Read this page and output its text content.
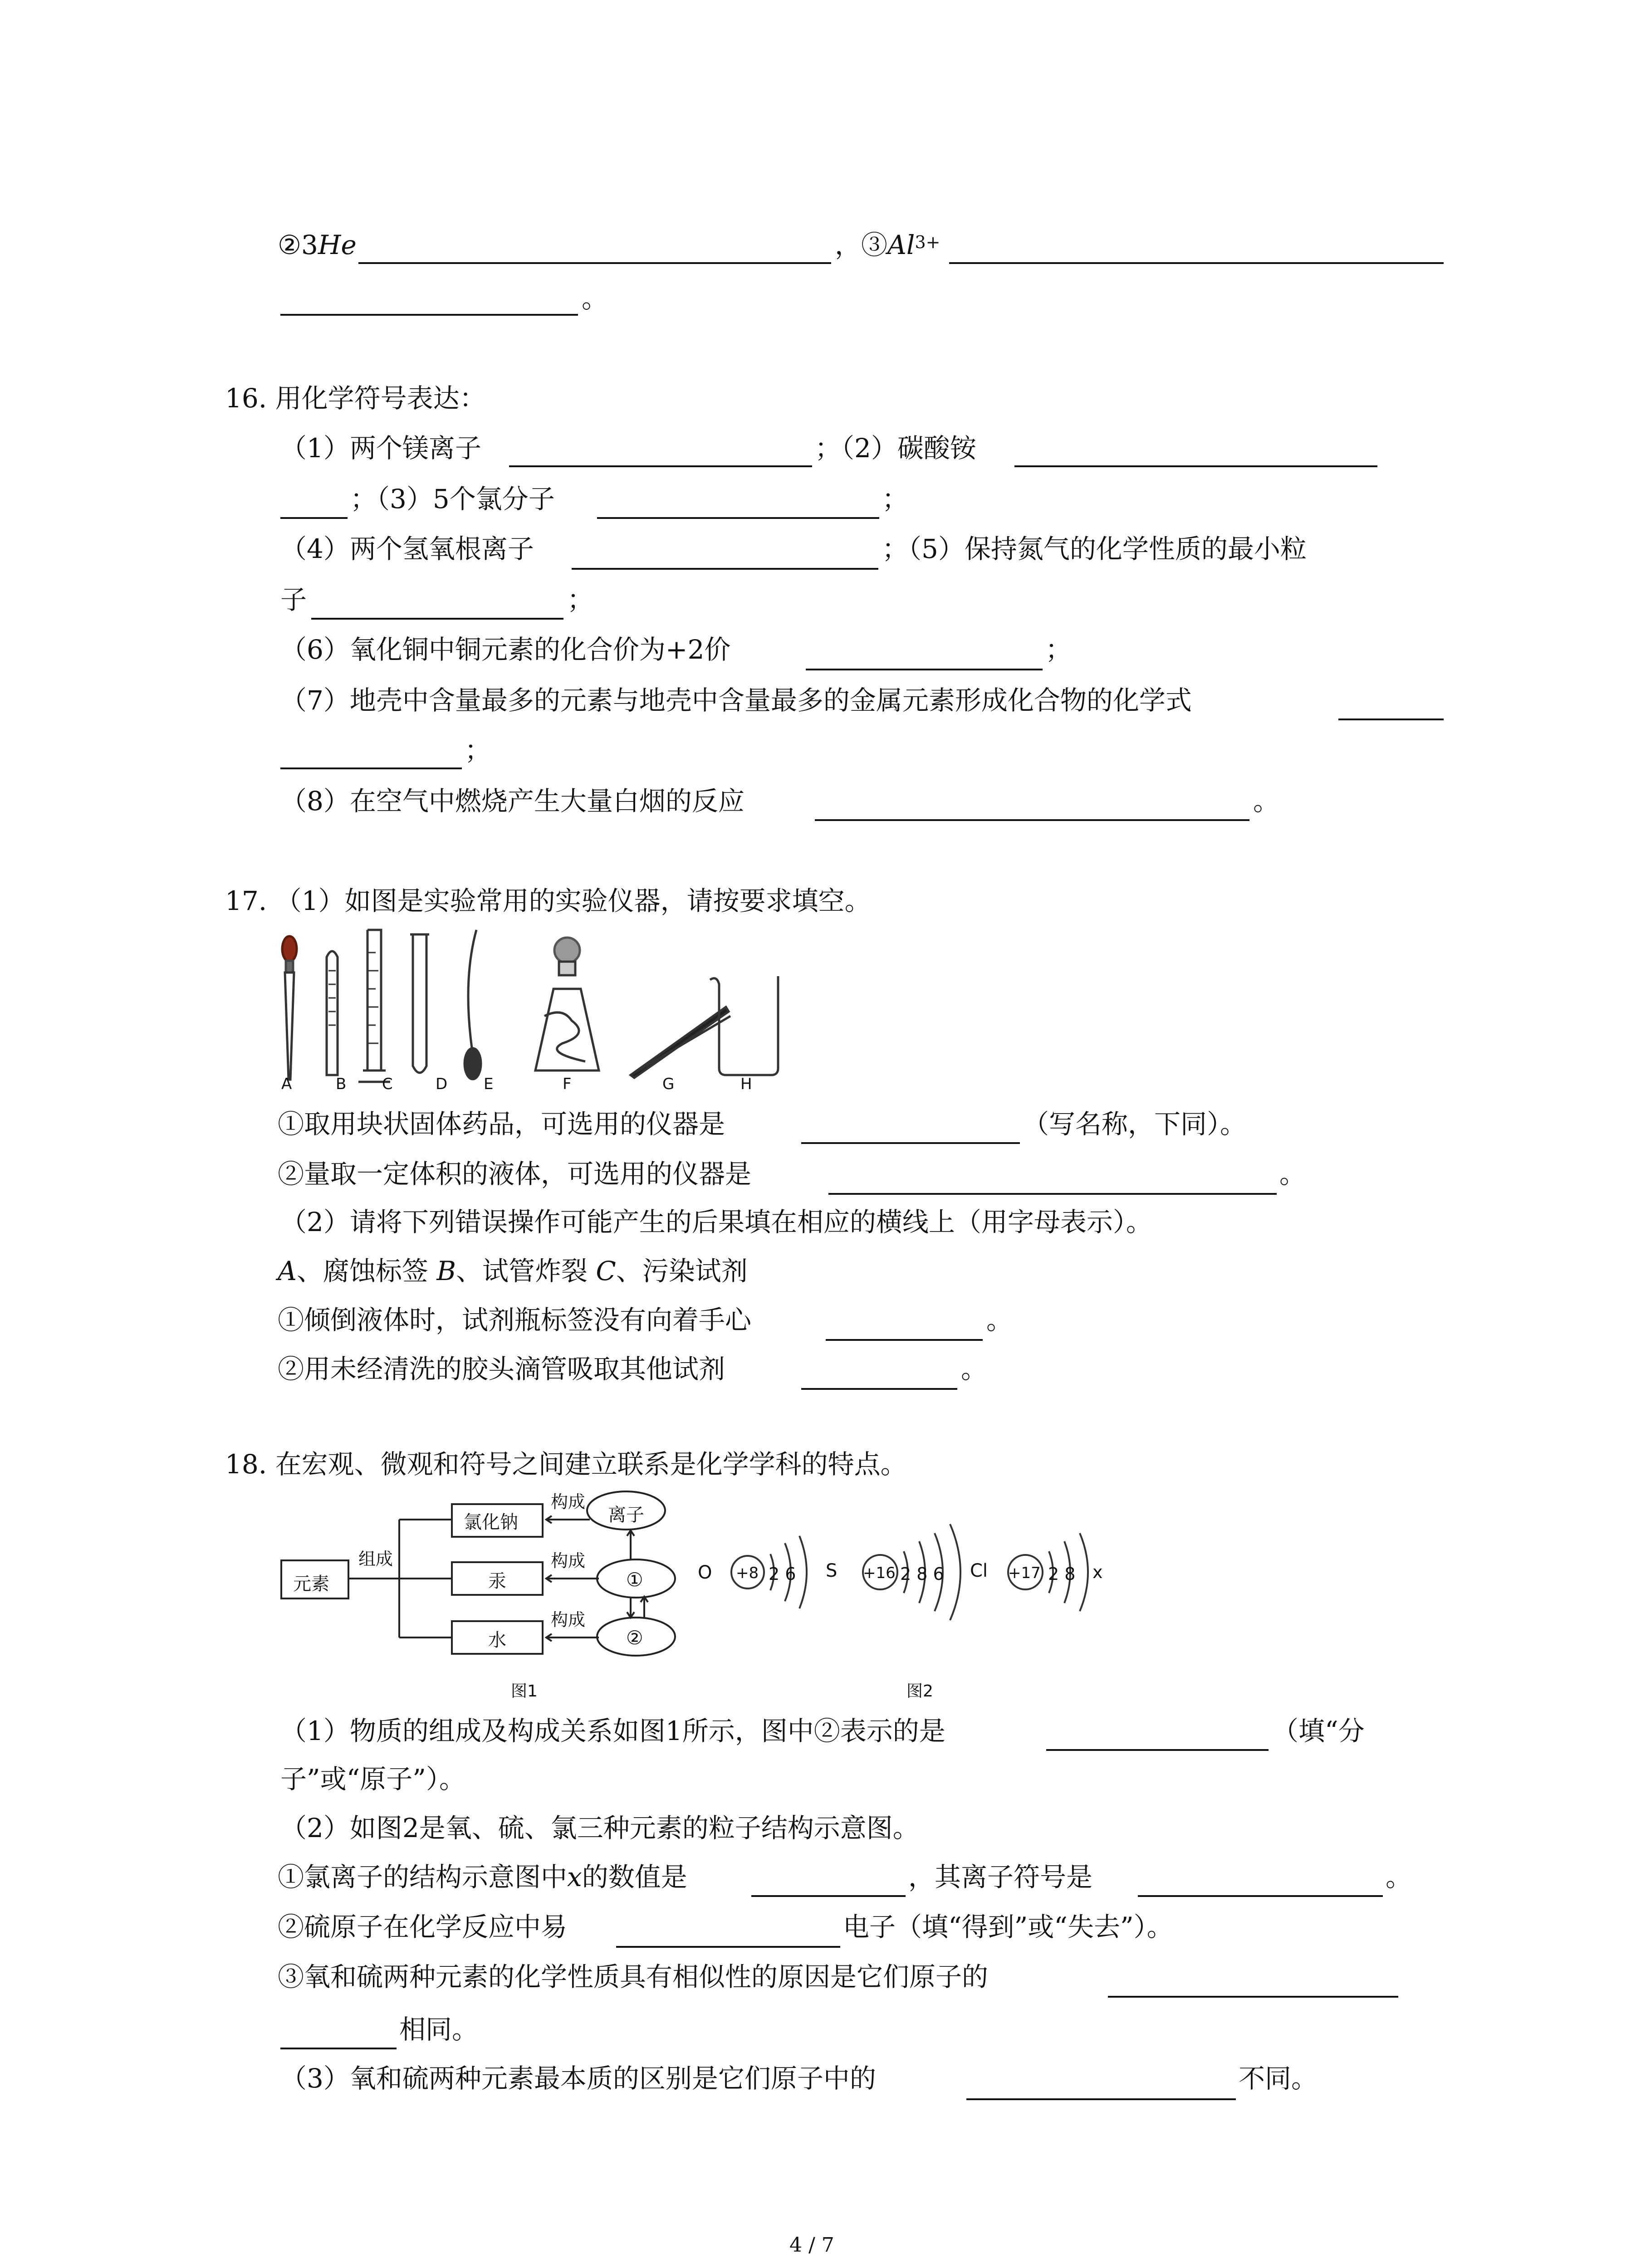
②3He	，$③Al^{3+}$
。
16. 用化学符号表达：
（1）两个镁离子	；（2）碳酸铵
；（3）5个氯分子	；
（4）两个氢氧根离子	；（5）保持氮气的化学性质的最小粒
子	；
（6）氧化铜中铜元素的化合价为+2价	；
（7）地壳中含量最多的元素与地壳中含量最多的金属元素形成化合物的化学式
；
（8）在空气中燃烧产生大量白烟的反应	。
17. （1）如图是实验常用的实验仪器，请按要求填空。
A	B C	D E	F	G	H
①取用块状固体药品，可选用的仪器是	（写名称，下同）。
②量取一定体积的液体，可选用的仪器是	。
（2）请将下列错误操作可能产生的后果填在相应的横线上（用字母表示）。
A、腐蚀标签 B、试管炸裂 C、污染试剂
①倾倒液体时，试剂瓶标签没有向着手心	。
②用未经清洗的胶头滴管吸取其他试剂	。
18. 在宏观、微观和符号之间建立联系是化学学科的特点。
元素
组成
氯化钠
汞
水
构成
构成
构成
离子
①
②
图1
O +8 2 6 S +16 2 8 6 Cl +17 2 8 x
图2
（1）物质的组成及构成关系如图1所示，图中②表示的是	（填“分
子”或“原子”）。
（2）如图2是氧、硫、氯三种元素的粒子结构示意图。
①氯离子的结构示意图中x的数值是	，其离子符号是	。
②硫原子在化学反应中易	电子（填“得到”或“失去”）。
③氧和硫两种元素的化学性质具有相似性的原因是它们原子的
相同。
（3）氧和硫两种元素最本质的区别是它们原子中的	不同。
4 / 7
